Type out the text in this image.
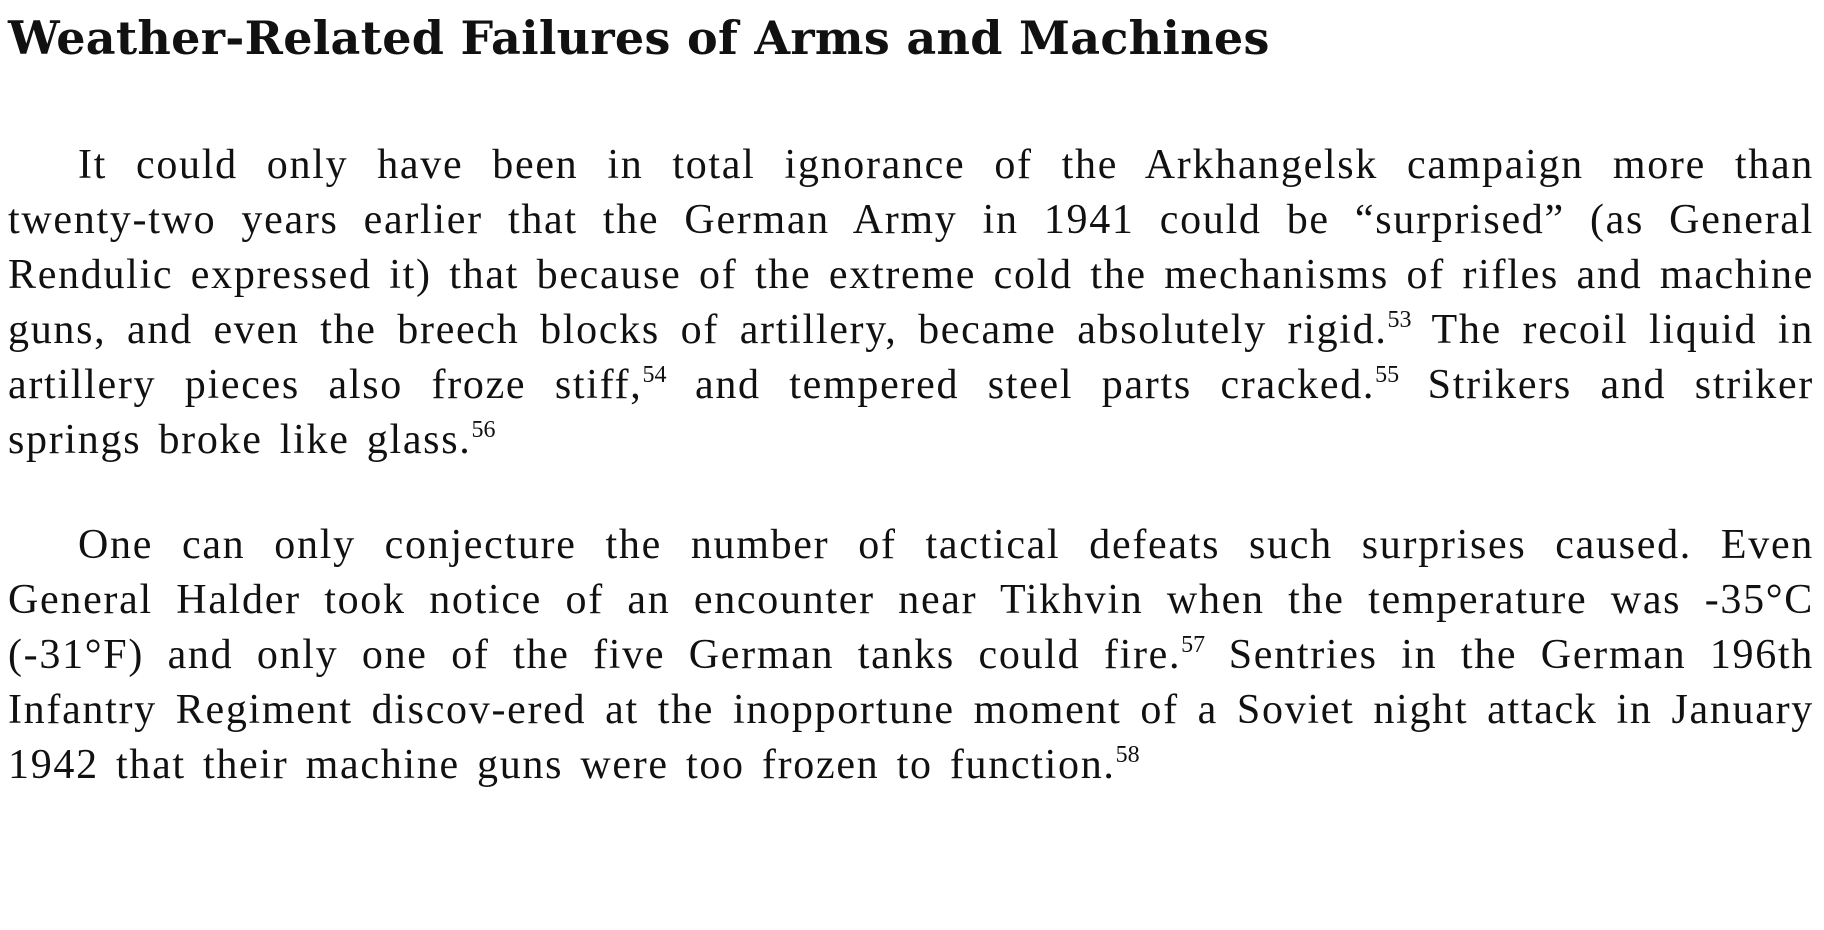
Weather-Related Failures of Arms and Machines

It could only have been in total ignorance of the Arkhangelsk campaign more than twenty-two years earlier that the German Army in 1941 could be “surprised” (as General Rendulic expressed it) that because of the extreme cold the mechanisms of rifles and machine guns, and even the breech blocks of artillery, became absolutely rigid.$^{53}$ The recoil liquid in artillery pieces also froze stiff,$^{54}$ and tempered steel parts cracked.$^{55}$ Strikers and striker springs broke like glass.$^{56}$

One can only conjecture the number of tactical defeats such surprises caused. Even General Halder took notice of an encounter near Tikhvin when the temperature was -35°C (-31°F) and only one of the five German tanks could fire.$^{57}$ Sentries in the German 196th Infantry Regiment discov-ered at the inopportune moment of a Soviet night attack in January 1942 that their machine guns were too frozen to function.$^{58}$
